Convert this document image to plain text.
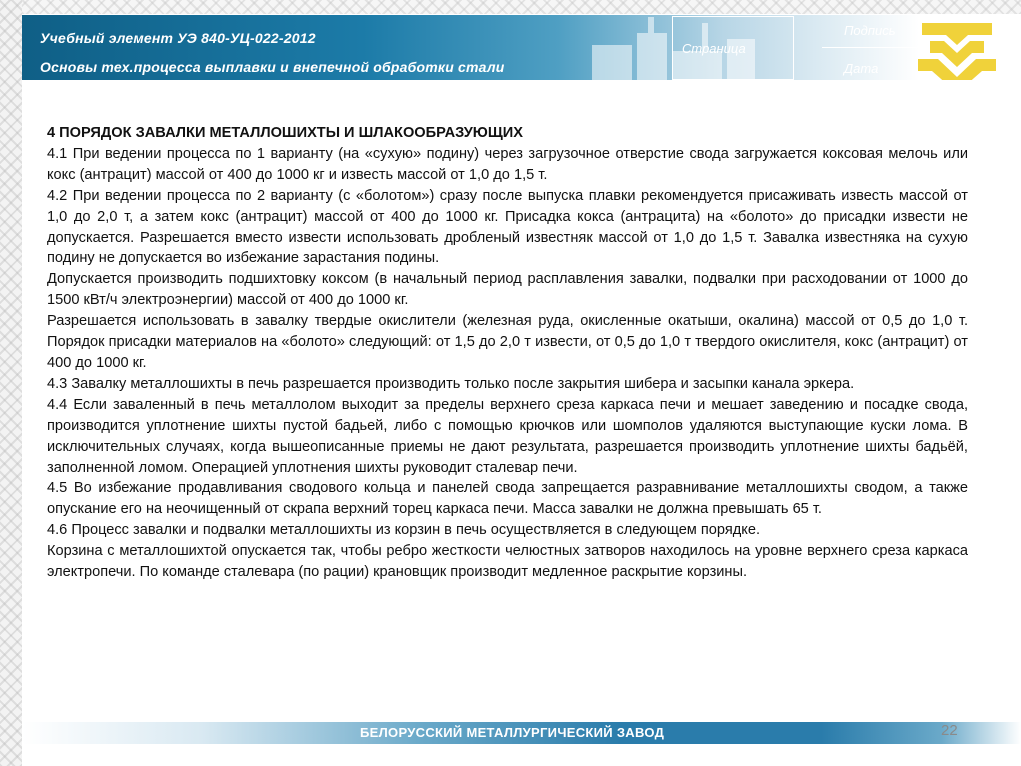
Учебный элемент УЭ 840-УЦ-022-2012
Основы тех.процесса выплавки и внепечной обработки стали
Страница
Подпись
Дата

4 ПОРЯДОК ЗАВАЛКИ МЕТАЛЛОШИХТЫ И ШЛАКООБРАЗУЮЩИХ

4.1 При ведении процесса по 1 варианту (на «сухую» подину) через загрузочное отверстие свода загружается коксовая мелочь или кокс (антрацит) массой от 400 до 1000 кг и известь массой от 1,0 до 1,5 т.

4.2 При ведении процесса по 2 варианту (с «болотом») сразу после выпуска плавки рекомендуется присаживать известь массой от 1,0 до 2,0 т, а затем кокс (антрацит) массой от 400 до 1000 кг. Присадка кокса (антрацита) на «болото» до присадки извести не допускается. Разрешается вместо извести использовать дробленый известняк массой от 1,0 до 1,5 т. Завалка известняка на сухую подину не допускается во избежание зарастания подины.

Допускается производить подшихтовку коксом (в начальный период расплавления завалки, подвалки при расходовании от 1000 до 1500 кВт/ч электроэнергии) массой от 400 до 1000 кг.

Разрешается использовать в завалку твердые окислители (железная руда, окисленные окатыши, окалина) массой от 0,5 до 1,0 т. Порядок присадки материалов на «болото» следующий: от 1,5 до 2,0 т извести, от 0,5 до 1,0 т твердого окислителя, кокс (антрацит) от 400 до 1000 кг.

4.3 Завалку металлошихты в печь разрешается производить только после закрытия шибера и засыпки канала эркера.

4.4 Если заваленный в печь металлолом выходит за пределы верхнего среза каркаса печи и мешает заведению и посадке свода, производится уплотнение шихты пустой бадьей, либо с помощью крючков или шомполов удаляются выступающие куски лома. В исключительных случаях, когда вышеописанные приемы не дают результата, разрешается производить уплотнение шихты бадьёй, заполненной ломом. Операцией уплотнения шихты руководит сталевар печи.

4.5 Во избежание продавливания сводового кольца и панелей свода запрещается разравнивание металлошихты сводом, а также опускание его на неочищенный от скрапа верхний торец каркаса печи. Масса завалки не должна превышать 65 т.

4.6 Процесс завалки и подвалки металлошихты из корзин в печь осуществляется в следующем порядке.

Корзина с металлошихтой опускается так, чтобы ребро жесткости челюстных затворов находилось на уровне верхнего среза каркаса электропечи. По команде сталевара (по рации) крановщик производит медленное раскрытие корзины.

БЕЛОРУССКИЙ МЕТАЛЛУРГИЧЕСКИЙ ЗАВОД	22
